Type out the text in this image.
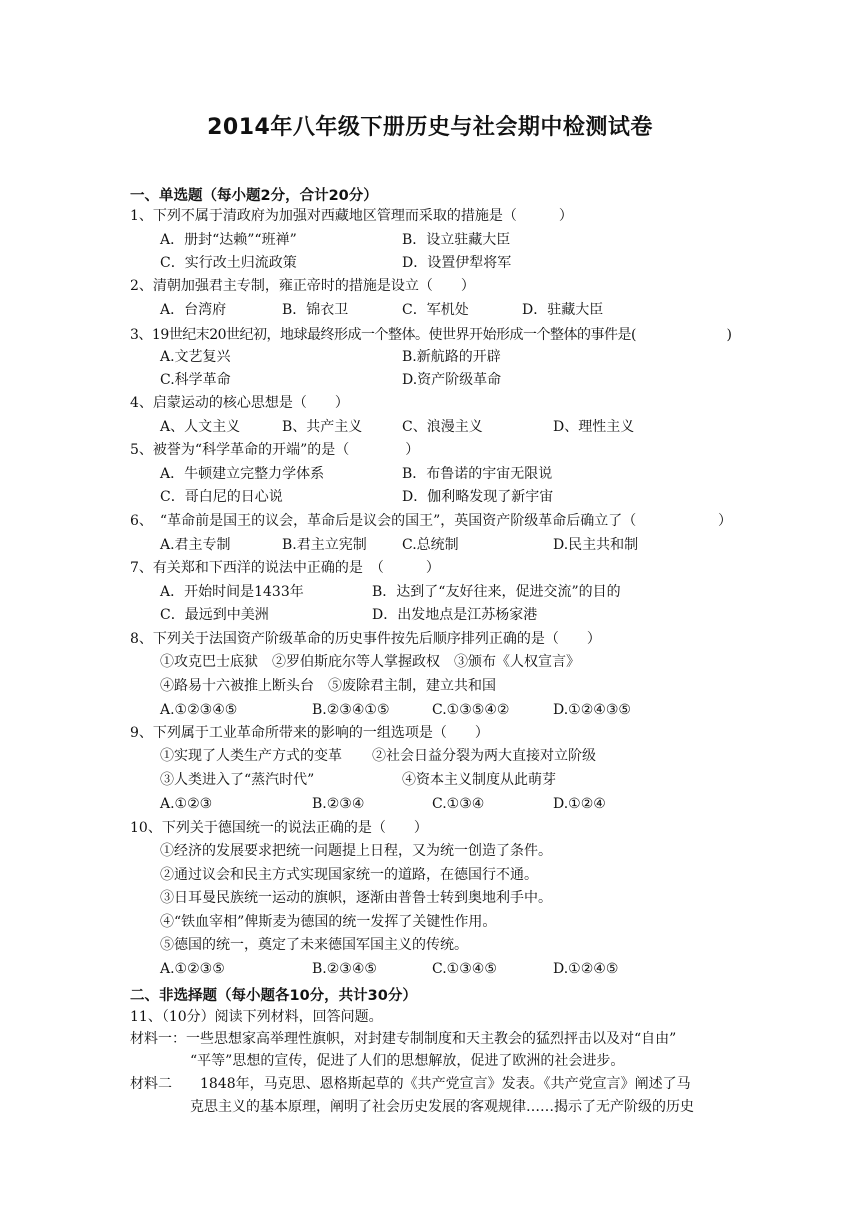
2014年八年级下册历史与社会期中检测试卷
一、单选题（每小题2分，合计20分）
1、下列不属于清政府为加强对西藏地区管理而采取的措施是（　　　）
A．册封“达赖”“班禅”	B．设立驻藏大臣
C．实行改土归流政策	D．设置伊犁将军
2、清朝加强君主专制，雍正帝时的措施是设立（　　）
A．台湾府	B．锦衣卫	C．军机处	D．驻藏大臣
3、19世纪末20世纪初，地球最终形成一个整体。使世界开始形成一个整体的事件是(	)
A.文艺复兴	B.新航路的开辟
C.科学革命	D.资产阶级革命
4、启蒙运动的核心思想是（　　）
A、人文主义	B、共产主义	C、浪漫主义	D、理性主义
5、被誉为“科学革命的开端”的是（　　　　）
A．牛顿建立完整力学体系	B．布鲁诺的宇宙无限说
C．哥白尼的日心说	D．伽利略发现了新宇宙
6、　“革命前是国王的议会，革命后是议会的国王”，英国资产阶级革命后确立了（	）
A.君主专制	B.君主立宪制	C.总统制	D.民主共和制
7、有关郑和下西洋的说法中正确的是　（　　　）
A．开始时间是1433年	B．达到了“友好往来，促进交流”的目的
C．最远到中美洲	D．出发地点是江苏杨家港
8、下列关于法国资产阶级革命的历史事件按先后顺序排列正确的是（　　）
①攻克巴士底狱　②罗伯斯庇尔等人掌握政权　③颁布《人权宣言》
④路易十六被推上断头台　⑤废除君主制，建立共和国
A.①②③④⑤	B.②③④①⑤	C.①③⑤④②	D.①②④③⑤
9、下列属于工业革命所带来的影响的一组选项是（　　）
①实现了人类生产方式的变革 ②社会日益分裂为两大直接对立阶级
③人类进入了“蒸汽时代”	④资本主义制度从此萌芽
A.①②③	B.②③④	C.①③④	D.①②④
10、下列关于德国统一的说法正确的是（　　）
①经济的发展要求把统一问题提上日程，又为统一创造了条件。
②通过议会和民主方式实现国家统一的道路，在德国行不通。
③日耳曼民族统一运动的旗帜，逐渐由普鲁士转到奥地利手中。
④“铁血宰相”俾斯麦为德国的统一发挥了关键性作用。
⑤德国的统一，奠定了未来德国军国主义的传统。
A.①②③⑤	B.②③④⑤	C.①③④⑤	D.①②④⑤
二、非选择题（每小题各10分，共计30分）
11、（10分）阅读下列材料，回答问题。
材料一：一些思想家高举理性旗帜，对封建专制制度和天主教会的猛烈抨击以及对“自由”
“平等”思想的宣传，促进了人们的思想解放，促进了欧洲的社会进步。
材料二　　1848年，马克思、恩格斯起草的《共产党宣言》发表。《共产党宣言》阐述了马
克思主义的基本原理，阐明了社会历史发展的客观规律……揭示了无产阶级的历史
